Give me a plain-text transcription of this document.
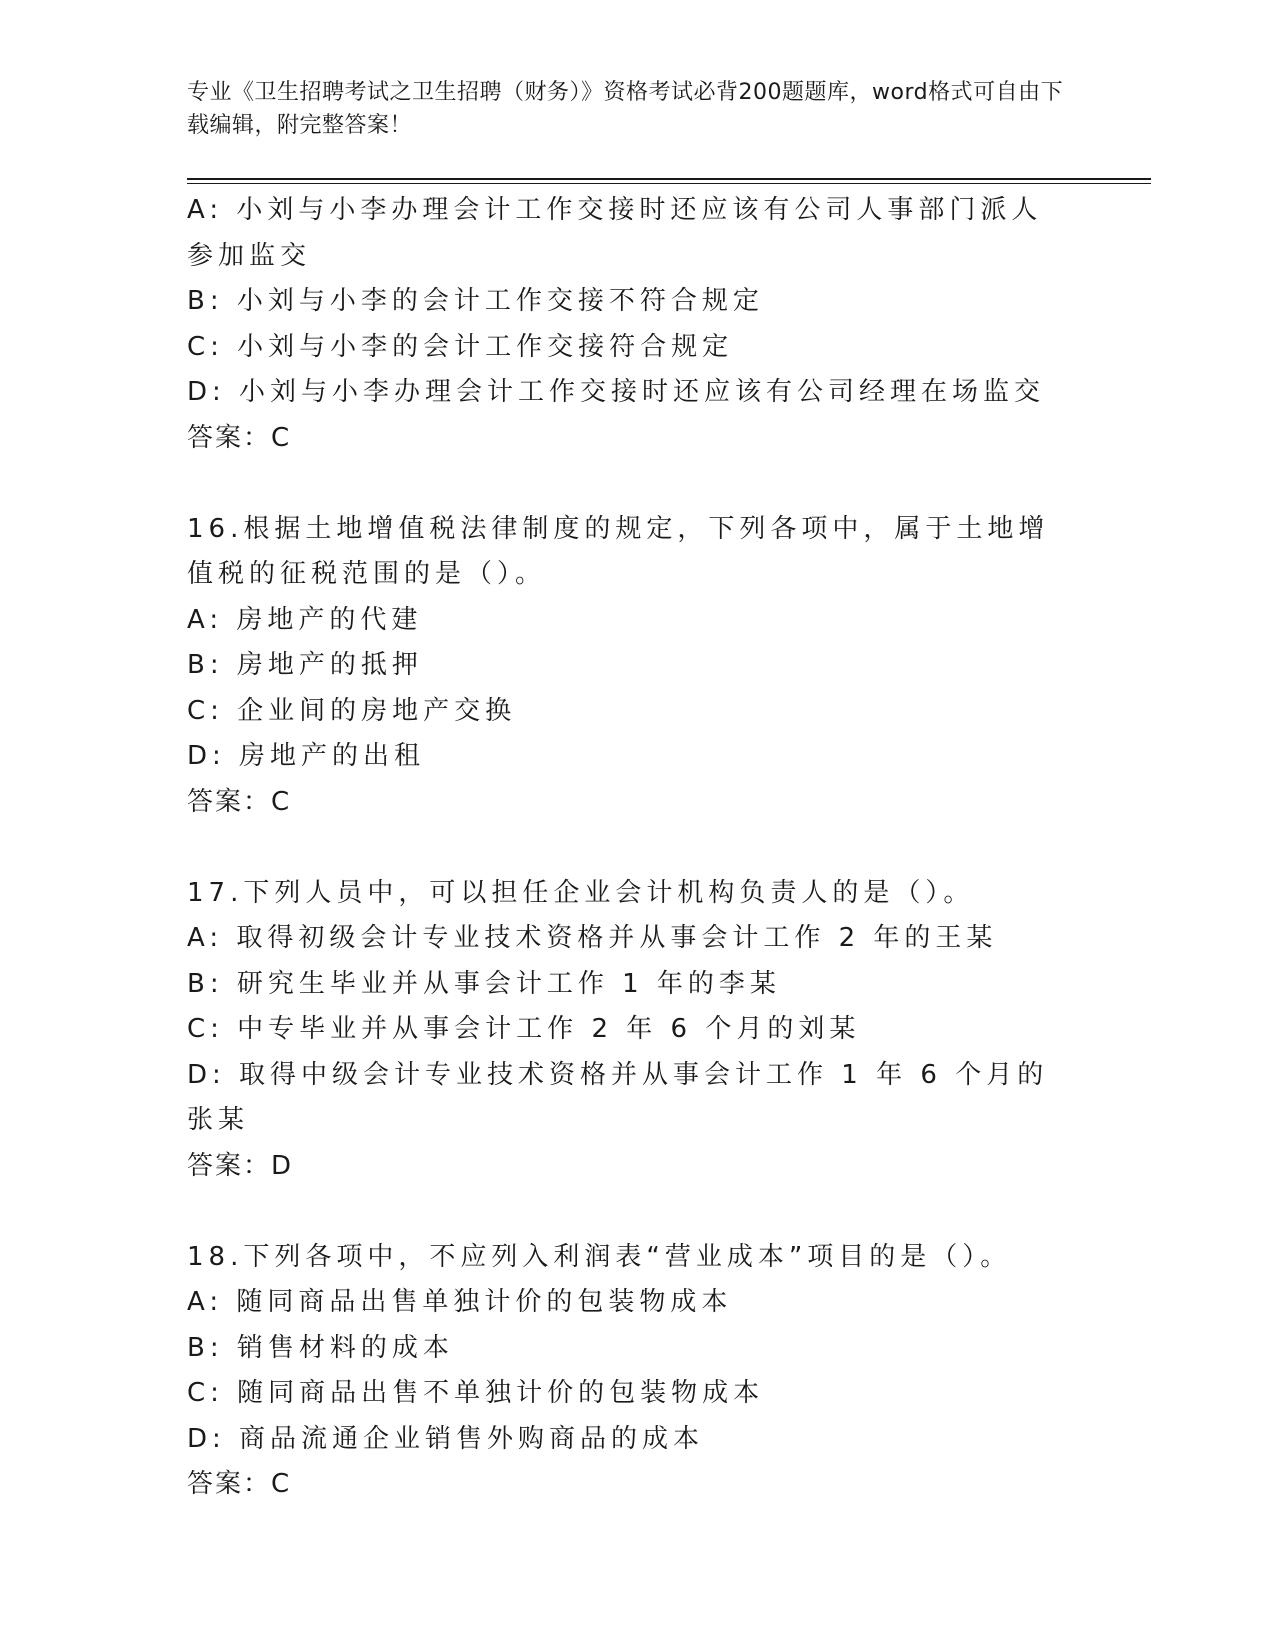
专业《卫生招聘考试之卫生招聘（财务）》资格考试必背200题题库，word格式可自由下载编辑，附完整答案！

A: 小刘与小李办理会计工作交接时还应该有公司人事部门派人参加监交

B: 小刘与小李的会计工作交接不符合规定

C: 小刘与小李的会计工作交接符合规定

D: 小刘与小李办理会计工作交接时还应该有公司经理在场监交

答案：C

16.根据土地增值税法律制度的规定，下列各项中，属于土地增值税的征税范围的是（）。

A: 房地产的代建

B: 房地产的抵押

C: 企业间的房地产交换

D: 房地产的出租

答案：C

17.下列人员中，可以担任企业会计机构负责人的是（）。

A: 取得初级会计专业技术资格并从事会计工作 2 年的王某

B: 研究生毕业并从事会计工作 1 年的李某

C: 中专毕业并从事会计工作 2 年 6 个月的刘某

D: 取得中级会计专业技术资格并从事会计工作 1 年 6 个月的张某

答案：D

18.下列各项中，不应列入利润表“营业成本”项目的是（）。

A: 随同商品出售单独计价的包装物成本

B: 销售材料的成本

C: 随同商品出售不单独计价的包装物成本

D: 商品流通企业销售外购商品的成本

答案：C
